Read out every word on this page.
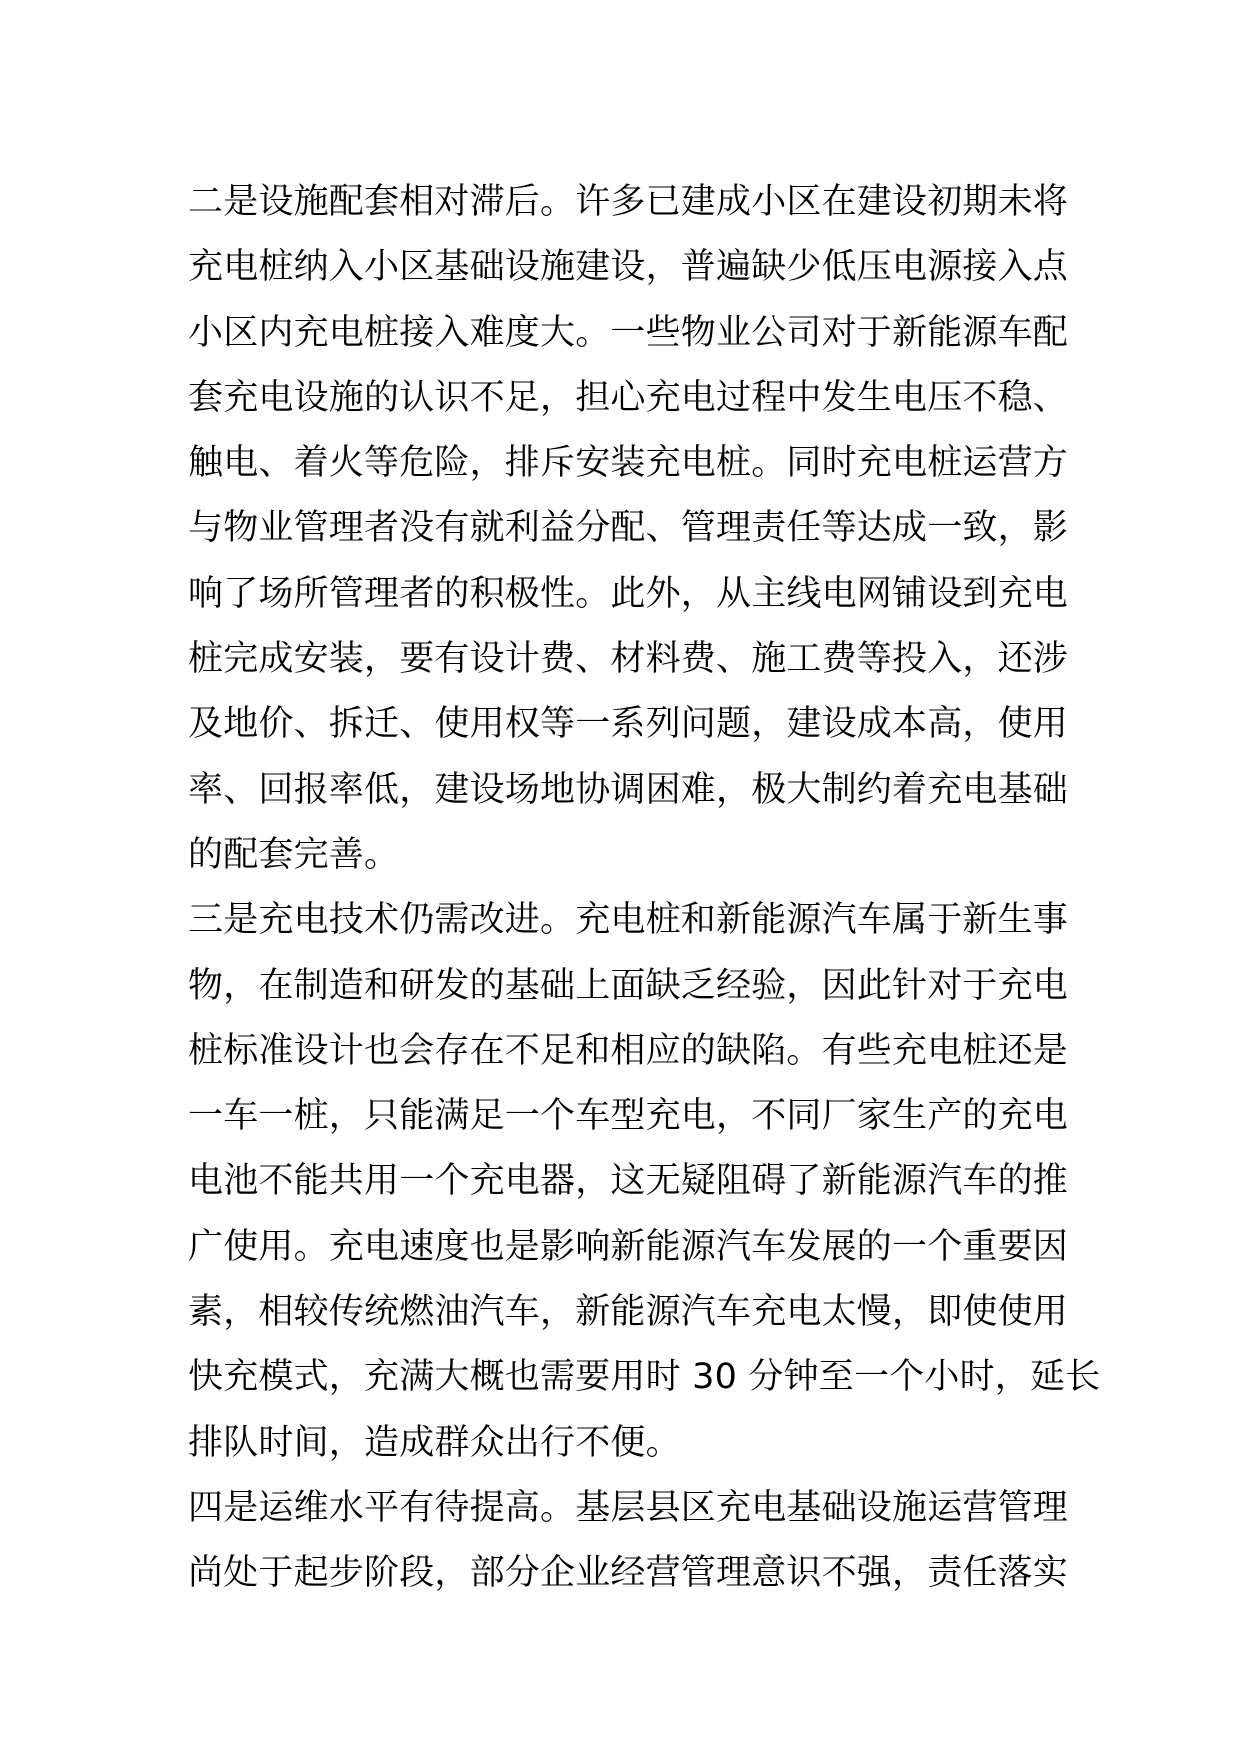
二是设施配套相对滞后。许多已建成小区在建设初期未将
充电桩纳入小区基础设施建设，普遍缺少低压电源接入点
小区内充电桩接入难度大。一些物业公司对于新能源车配
套充电设施的认识不足，担心充电过程中发生电压不稳、
触电、着火等危险，排斥安装充电桩。同时充电桩运营方
与物业管理者没有就利益分配、管理责任等达成一致，影
响了场所管理者的积极性。此外，从主线电网铺设到充电
桩完成安装，要有设计费、材料费、施工费等投入，还涉
及地价、拆迁、使用权等一系列问题，建设成本高，使用
率、回报率低，建设场地协调困难，极大制约着充电基础
的配套完善。
三是充电技术仍需改进。充电桩和新能源汽车属于新生事
物，在制造和研发的基础上面缺乏经验，因此针对于充电
桩标准设计也会存在不足和相应的缺陷。有些充电桩还是
一车一桩，只能满足一个车型充电，不同厂家生产的充电
电池不能共用一个充电器，这无疑阻碍了新能源汽车的推
广使用。充电速度也是影响新能源汽车发展的一个重要因
素，相较传统燃油汽车，新能源汽车充电太慢，即使使用
快充模式，充满大概也需要用时 30 分钟至一个小时，延长
排队时间，造成群众出行不便。
四是运维水平有待提高。基层县区充电基础设施运营管理
尚处于起步阶段，部分企业经营管理意识不强，责任落实
